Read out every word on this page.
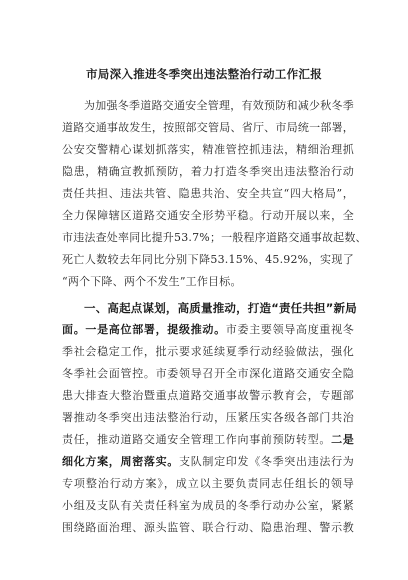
市局深入推进冬季突出违法整治行动工作汇报
为加强冬季道路交通安全管理，有效预防和减少秋冬季
道路交通事故发生，按照部交管局、省厅、市局统一部署，
公安交警精心谋划抓落实，精准管控抓违法，精细治理抓
隐患，精确宣教抓预防，着力打造冬季突出违法整治行动
责任共担、违法共管、隐患共治、安全共宣“四大格局”，
全力保障辖区道路交通安全形势平稳。行动开展以来，全
市违法查处率同比提升53.7%；一般程序道路交通事故起数、
死亡人数较去年同比分别下降53.15%、45.92%，实现了
“两个下降、两个不发生”工作目标。
一、高起点谋划，高质量推动，打造“责任共担”新局
面。一是高位部署，提级推动。市委主要领导高度重视冬
季社会稳定工作，批示要求延续夏季行动经验做法，强化
冬季社会面管控。市委领导召开全市深化道路交通安全隐
患大排查大整治暨重点道路交通事故警示教育会，专题部
署推动冬季突出违法整治行动，压紧压实各级各部门共治
责任，推动道路交通安全管理工作向事前预防转型。二是
细化方案，周密落实。支队制定印发《冬季突出违法行为
专项整治行动方案》，成立以主要负责同志任组长的领导
小组及支队有关责任科室为成员的冬季行动办公室，紧紧
围绕路面治理、源头监管、联合行动、隐患治理、警示教
